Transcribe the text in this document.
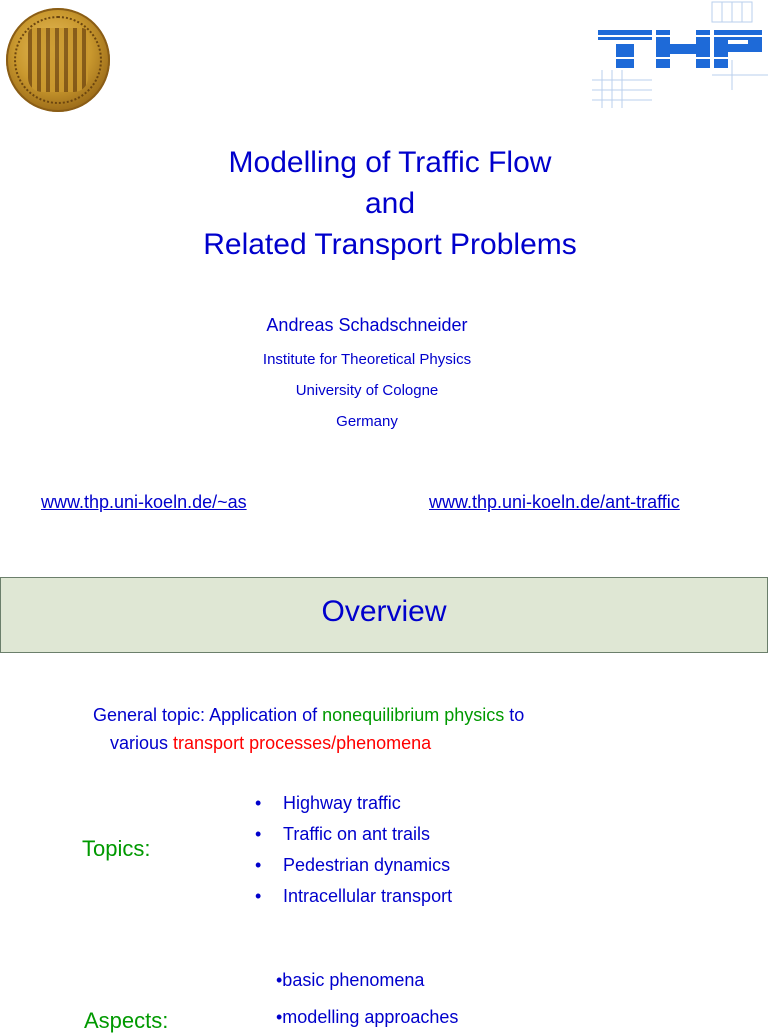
Modelling of Traffic Flow
and
Related Transport Problems
Andreas Schadschneider
Institute for Theoretical Physics
University of Cologne
Germany
www.thp.uni-koeln.de/~as	www.thp.uni-koeln.de/ant-traffic
Overview
General topic: Application of nonequilibrium physics to
various transport processes/phenomena
Topics:
• Highway traffic
• Traffic on ant trails
• Pedestrian dynamics
• Intracellular transport
•basic phenomena
•modelling approaches
Aspects:
